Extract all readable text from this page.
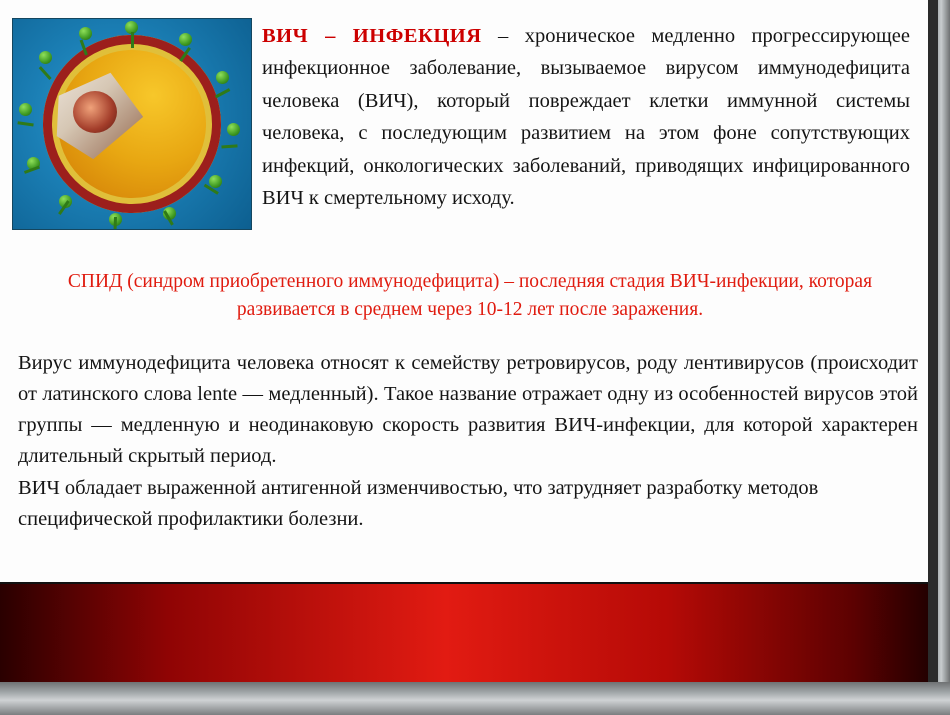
ВИЧ – ИНФЕКЦИЯ – хроническое медленно прогрессирующее инфекционное заболевание, вызываемое вирусом иммунодефицита человека (ВИЧ), который повреждает клетки иммунной системы человека, с последующим развитием на этом фоне сопутствующих инфекций, онкологических заболеваний, приводящих инфицированного ВИЧ к смертельному исходу.
СПИД (синдром приобретенного иммунодефицита) – последняя стадия ВИЧ-инфекции, которая развивается в среднем через 10-12 лет после заражения.

Вирус иммунодефицита человека относят к семейству ретровирусов, роду лентивирусов (происходит от латинского слова lente — медленный). Такое название отражает одну из особенностей вирусов этой группы — медленную и неодинаковую скорость развития ВИЧ-инфекции, для которой характерен длительный скрытый период.

ВИЧ обладает выраженной антигенной изменчивостью, что затрудняет разработку методов специфической профилактики болезни.
